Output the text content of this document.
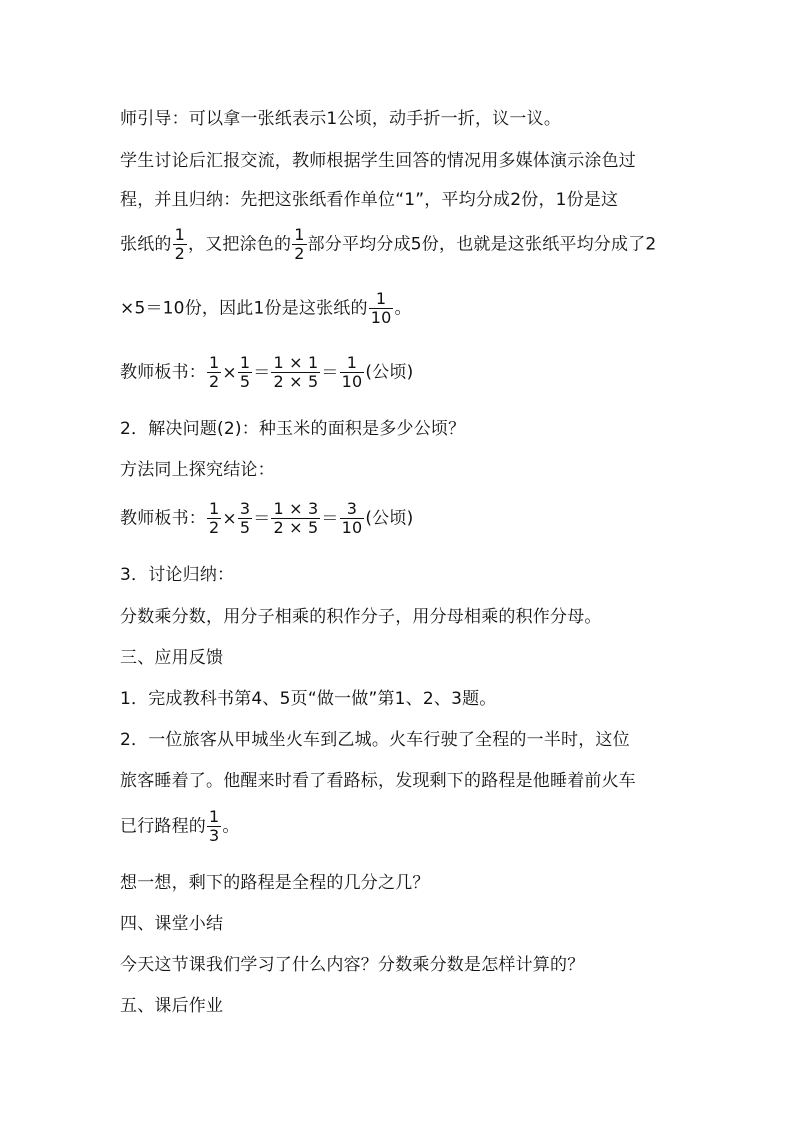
师引导：可以拿一张纸表示1公顷，动手折一折，议一议。
学生讨论后汇报交流，教师根据学生回答的情况用多媒体演示涂色过
程，并且归纳：先把这张纸看作单位“1”，平均分成2份，1份是这
张纸的 $\frac{1}{2}$ ，又把涂色的 $\frac{1}{2}$ 部分平均分成5份，也就是这张纸平均分成了2
×5＝10份，因此1份是这张纸的 $\frac{1}{10}$ 。
教师板书： $\frac{1}{2} \times \frac{1}{5} = \frac{1 \times 1}{2 \times 5} = \frac{1}{10}$ (公顷)
2．解决问题(2)：种玉米的面积是多少公顷？
方法同上探究结论：
教师板书： $\frac{1}{2} \times \frac{3}{5} = \frac{1 \times 3}{2 \times 5} = \frac{3}{10}$ (公顷)
3．讨论归纳：
分数乘分数，用分子相乘的积作分子，用分母相乘的积作分母。
三、应用反馈
1．完成教科书第4、5页“做一做”第1、2、3题。
2．一位旅客从甲城坐火车到乙城。火车行驶了全程的一半时，这位
旅客睡着了。他醒来时看了看路标，发现剩下的路程是他睡着前火车
已行路程的 $\frac{1}{3}$ 。
想一想，剩下的路程是全程的几分之几？
四、课堂小结
今天这节课我们学习了什么内容？分数乘分数是怎样计算的？
五、课后作业
